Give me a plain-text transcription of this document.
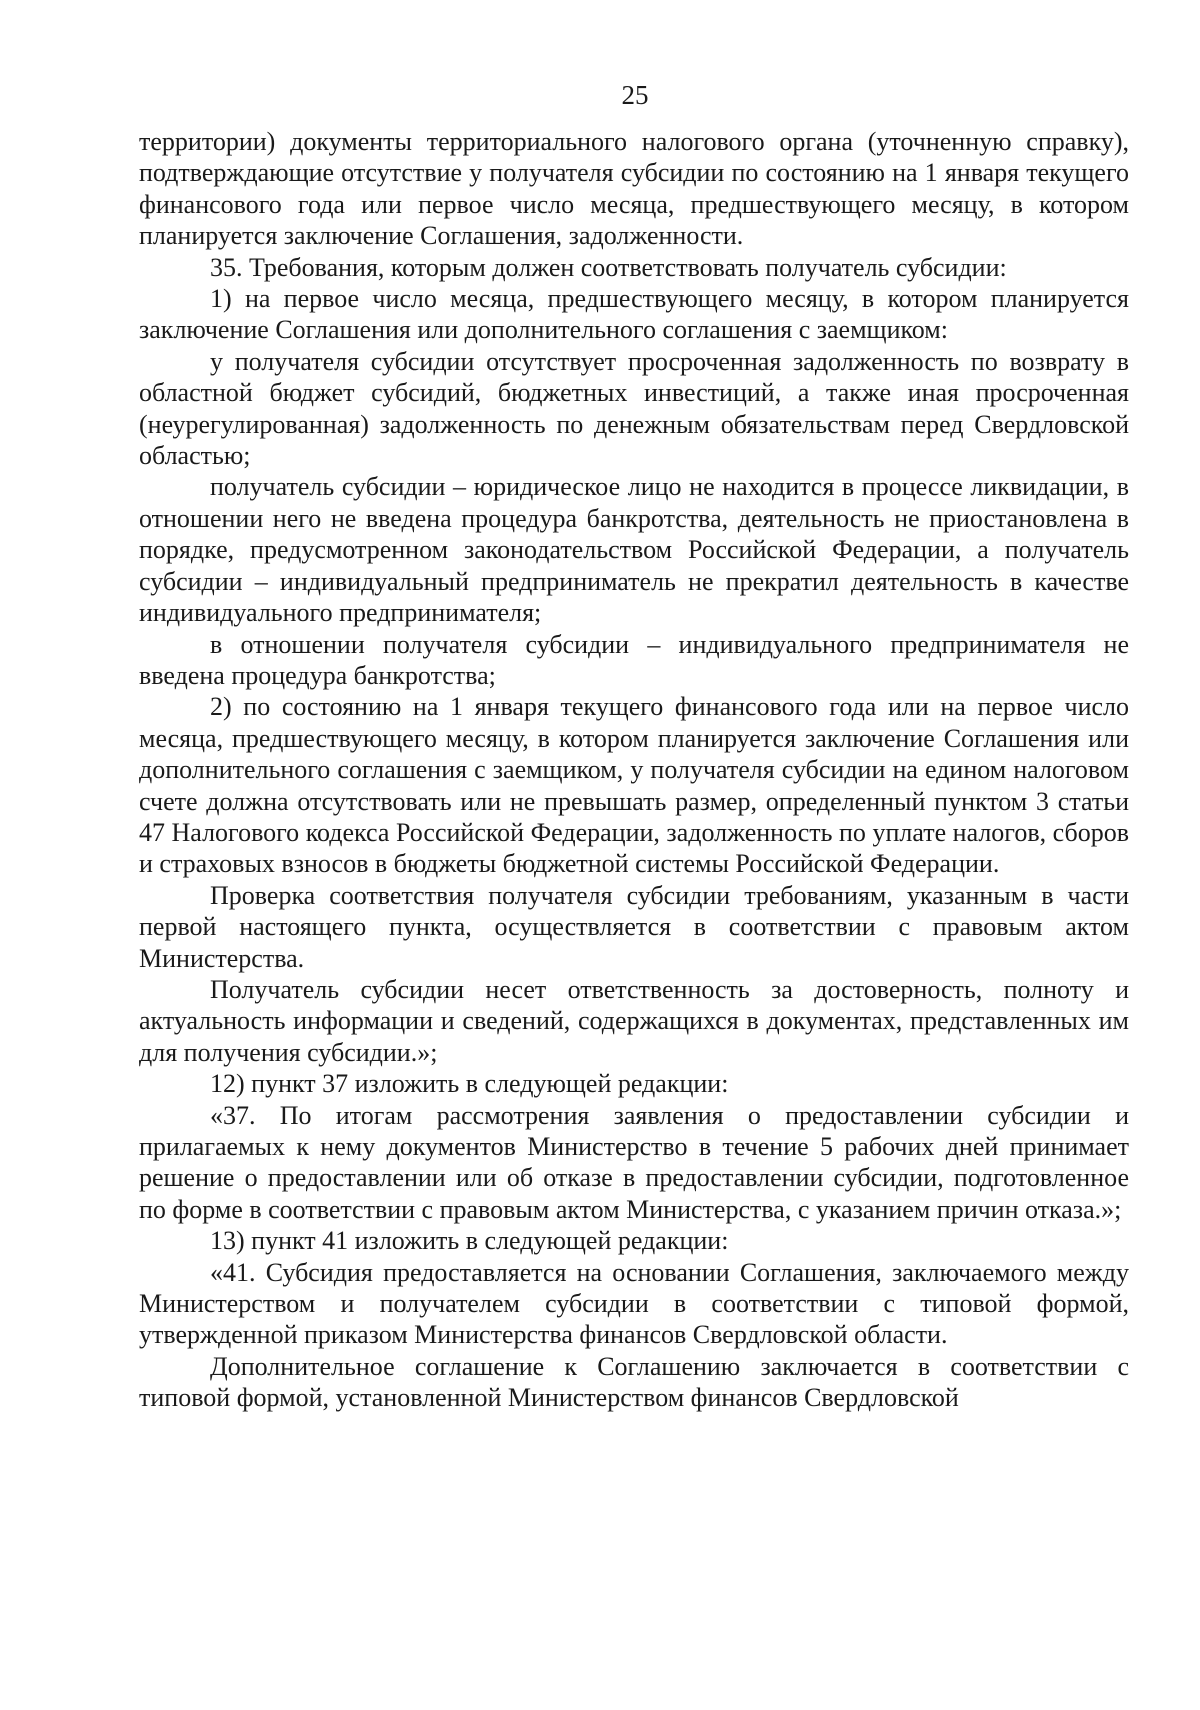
25

территории) документы территориального налогового органа (уточненную справку), подтверждающие отсутствие у получателя субсидии по состоянию на 1 января текущего финансового года или первое число месяца, предшествующего месяцу, в котором планируется заключение Соглашения, задолженности.

35. Требования, которым должен соответствовать получатель субсидии:

1) на первое число месяца, предшествующего месяцу, в котором планируется заключение Соглашения или дополнительного соглашения с заемщиком:

у получателя субсидии отсутствует просроченная задолженность по возврату в областной бюджет субсидий, бюджетных инвестиций, а также иная просроченная (неурегулированная) задолженность по денежным обязательствам перед Свердловской областью;

получатель субсидии – юридическое лицо не находится в процессе ликвидации, в отношении него не введена процедура банкротства, деятельность не приостановлена в порядке, предусмотренном законодательством Российской Федерации, а получатель субсидии – индивидуальный предприниматель не прекратил деятельность в качестве индивидуального предпринимателя;

в отношении получателя субсидии – индивидуального предпринимателя не введена процедура банкротства;

2) по состоянию на 1 января текущего финансового года или на первое число месяца, предшествующего месяцу, в котором планируется заключение Соглашения или дополнительного соглашения с заемщиком, у получателя субсидии на едином налоговом счете должна отсутствовать или не превышать размер, определенный пунктом 3 статьи 47 Налогового кодекса Российской Федерации, задолженность по уплате налогов, сборов и страховых взносов в бюджеты бюджетной системы Российской Федерации.

Проверка соответствия получателя субсидии требованиям, указанным в части первой настоящего пункта, осуществляется в соответствии с правовым актом Министерства.

Получатель субсидии несет ответственность за достоверность, полноту и актуальность информации и сведений, содержащихся в документах, представленных им для получения субсидии.»;

12) пункт 37 изложить в следующей редакции:

«37. По итогам рассмотрения заявления о предоставлении субсидии и прилагаемых к нему документов Министерство в течение 5 рабочих дней принимает решение о предоставлении или об отказе в предоставлении субсидии, подготовленное по форме в соответствии с правовым актом Министерства, с указанием причин отказа.»;

13) пункт 41 изложить в следующей редакции:

«41. Субсидия предоставляется на основании Соглашения, заключаемого между Министерством и получателем субсидии в соответствии с типовой формой, утвержденной приказом Министерства финансов Свердловской области.

Дополнительное соглашение к Соглашению заключается в соответствии с типовой формой, установленной Министерством финансов Свердловской
